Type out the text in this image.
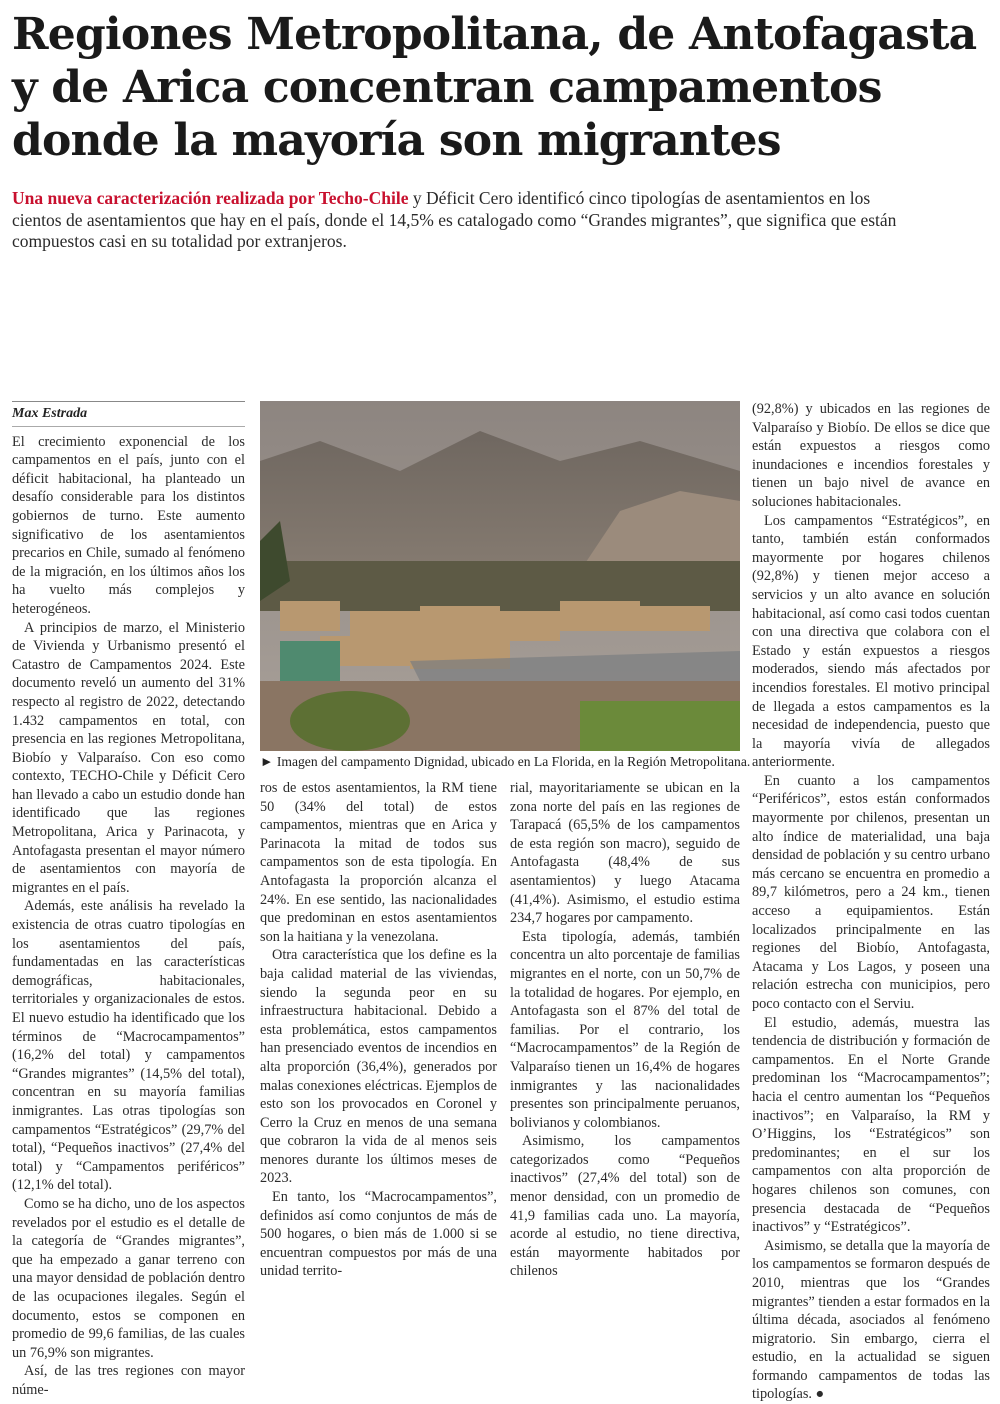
Regiones Metropolitana, de Antofagasta y de Arica concentran campamentos donde la mayoría son migrantes

Una nueva caracterización realizada por Techo-Chile y Déficit Cero identificó cinco tipologías de asentamientos en los cientos de asentamientos que hay en el país, donde el 14,5% es catalogado como “Grandes migrantes”, que significa que están compuestos casi en su totalidad por extranjeros.

Max Estrada

El crecimiento exponencial de los campamentos en el país, junto con el déficit habitacional, ha planteado un desafío considerable para los distintos gobiernos de turno. Este aumento significativo de los asentamientos precarios en Chile, sumado al fenómeno de la migración, en los últimos años los ha vuelto más complejos y heterogéneos.

A principios de marzo, el Ministerio de Vivienda y Urbanismo presentó el Catastro de Campamentos 2024. Este documento reveló un aumento del 31% respecto al registro de 2022, detectando 1.432 campamentos en total, con presencia en las regiones Metropolitana, Biobío y Valparaíso. Con eso como contexto, TECHO-Chile y Déficit Cero han llevado a cabo un estudio donde han identificado que las regiones Metropolitana, Arica y Parinacota, y Antofagasta presentan el mayor número de asentamientos con mayoría de migrantes en el país.

Además, este análisis ha revelado la existencia de otras cuatro tipologías en los asentamientos del país, fundamentadas en las características demográficas, habitacionales, territoriales y organizacionales de estos. El nuevo estudio ha identificado que los términos de “Macrocampamentos” (16,2% del total) y campamentos “Grandes migrantes” (14,5% del total), concentran en su mayoría familias inmigrantes. Las otras tipologías son campamentos “Estratégicos” (29,7% del total), “Pequeños inactivos” (27,4% del total) y “Campamentos periféricos” (12,1% del total).

Como se ha dicho, uno de los aspectos revelados por el estudio es el detalle de la categoría de “Grandes migrantes”, que ha empezado a ganar terreno con una mayor densidad de población dentro de las ocupaciones ilegales. Según el documento, estos se componen en promedio de 99,6 familias, de las cuales un 76,9% son migrantes.

Así, de las tres regiones con mayor núme-

► Imagen del campamento Dignidad, ubicado en La Florida, en la Región Metropolitana.

ros de estos asentamientos, la RM tiene 50 (34% del total) de estos campamentos, mientras que en Arica y Parinacota la mitad de todos sus campamentos son de esta tipología. En Antofagasta la proporción alcanza el 24%. En ese sentido, las nacionalidades que predominan en estos asentamientos son la haitiana y la venezolana.

Otra característica que los define es la baja calidad material de las viviendas, siendo la segunda peor en su infraestructura habitacional. Debido a esta problemática, estos campamentos han presenciado eventos de incendios en alta proporción (36,4%), generados por malas conexiones eléctricas. Ejemplos de esto son los provocados en Coronel y Cerro la Cruz en menos de una semana que cobraron la vida de al menos seis menores durante los últimos meses de 2023.

En tanto, los “Macrocampamentos”, definidos así como conjuntos de más de 500 hogares, o bien más de 1.000 si se encuentran compuestos por más de una unidad territo-

rial, mayoritariamente se ubican en la zona norte del país en las regiones de Tarapacá (65,5% de los campamentos de esta región son macro), seguido de Antofagasta (48,4% de sus asentamientos) y luego Atacama (41,4%). Asimismo, el estudio estima 234,7 hogares por campamento.

Esta tipología, además, también concentra un alto porcentaje de familias migrantes en el norte, con un 50,7% de la totalidad de hogares. Por ejemplo, en Antofagasta son el 87% del total de familias. Por el contrario, los “Macrocampamentos” de la Región de Valparaíso tienen un 16,4% de hogares inmigrantes y las nacionalidades presentes son principalmente peruanos, bolivianos y colombianos.

Asimismo, los campamentos categorizados como “Pequeños inactivos” (27,4% del total) son de menor densidad, con un promedio de 41,9 familias cada uno. La mayoría, acorde al estudio, no tiene directiva, están mayormente habitados por chilenos

(92,8%) y ubicados en las regiones de Valparaíso y Biobío. De ellos se dice que están expuestos a riesgos como inundaciones e incendios forestales y tienen un bajo nivel de avance en soluciones habitacionales.

Los campamentos “Estratégicos”, en tanto, también están conformados mayormente por hogares chilenos (92,8%) y tienen mejor acceso a servicios y un alto avance en solución habitacional, así como casi todos cuentan con una directiva que colabora con el Estado y están expuestos a riesgos moderados, siendo más afectados por incendios forestales. El motivo principal de llegada a estos campamentos es la necesidad de independencia, puesto que la mayoría vivía de allegados anteriormente.

En cuanto a los campamentos “Periféricos”, estos están conformados mayormente por chilenos, presentan un alto índice de materialidad, una baja densidad de población y su centro urbano más cercano se encuentra en promedio a 89,7 kilómetros, pero a 24 km., tienen acceso a equipamientos. Están localizados principalmente en las regiones del Biobío, Antofagasta, Atacama y Los Lagos, y poseen una relación estrecha con municipios, pero poco contacto con el Serviu.

El estudio, además, muestra las tendencia de distribución y formación de campamentos. En el Norte Grande predominan los “Macrocampamentos”; hacia el centro aumentan los “Pequeños inactivos”; en Valparaíso, la RM y O’Higgins, los “Estratégicos” son predominantes; en el sur los campamentos con alta proporción de hogares chilenos son comunes, con presencia destacada de “Pequeños inactivos” y “Estratégicos”.

Asimismo, se detalla que la mayoría de los campamentos se formaron después de 2010, mientras que los “Grandes migrantes” tienden a estar formados en la última década, asociados al fenómeno migratorio. Sin embargo, cierra el estudio, en la actualidad se siguen formando campamentos de todas las tipologías. ●
